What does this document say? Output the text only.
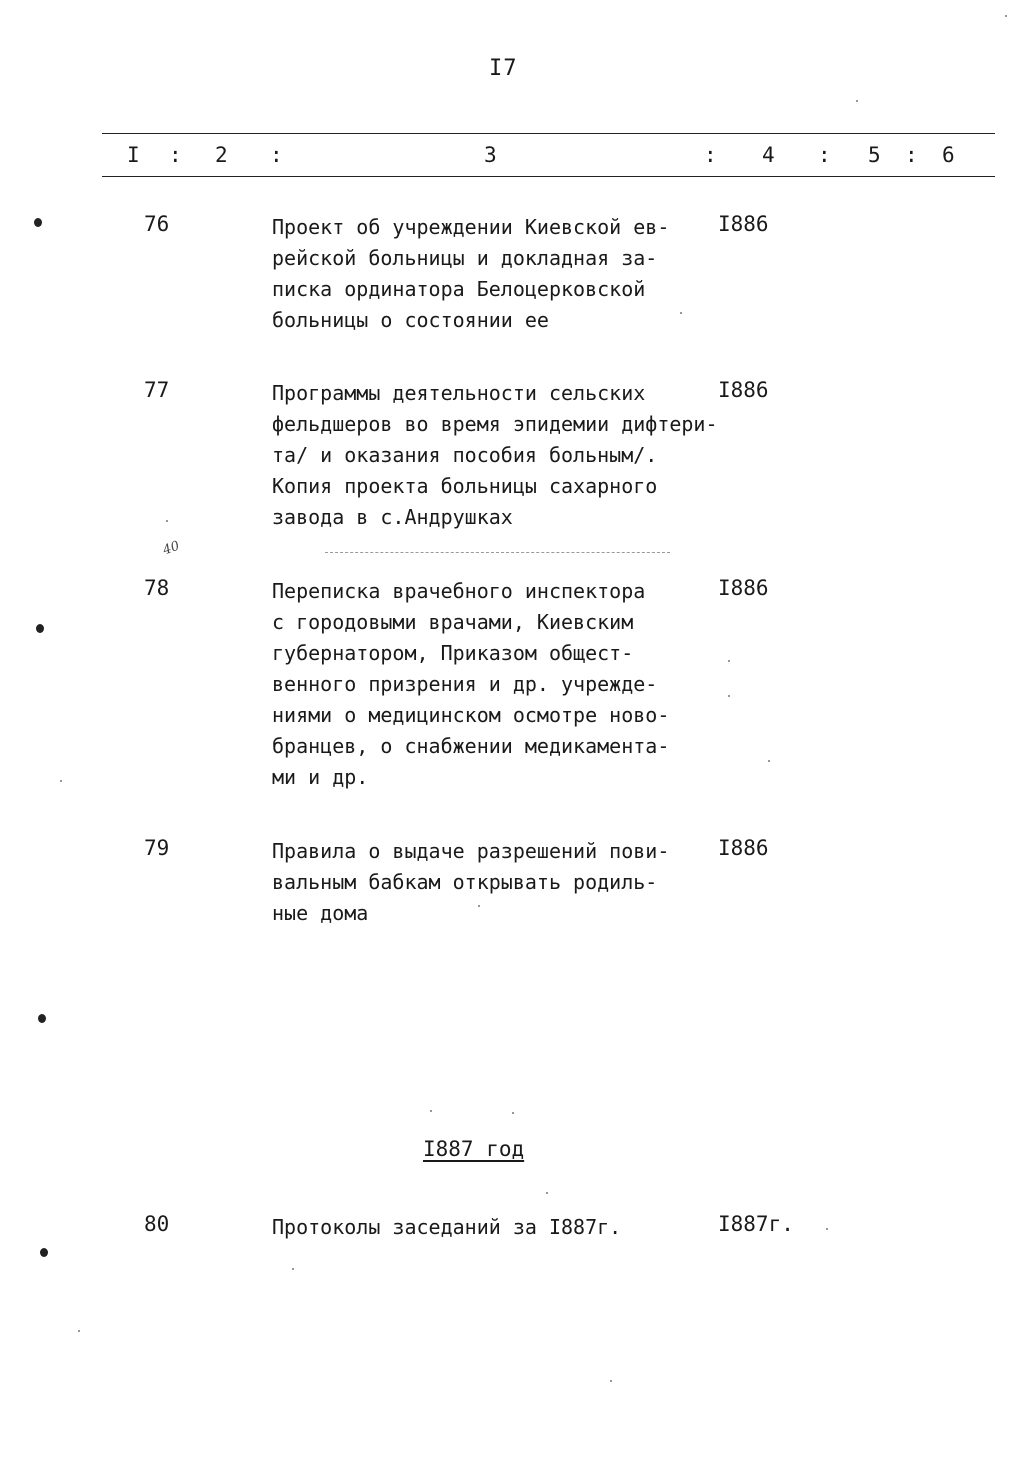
I7
I : 2 :	3	: 4 : 5 : 6
76	Проект об учреждении Киевской ев-
рейской больницы и докладная за-
писка ординатора Белоцерковской
больницы о состоянии ее
I886
77	Программы деятельности сельских
фельдшеров во время эпидемии дифтери-
та/ и оказания пособия больным/.
Копия проекта больницы сахарного
завода в с.Андрушках
I886
40
78	Переписка врачебного инспектора
с городовыми врачами, Киевским
губернатором, Приказом общест-
венного призрения и др. учрежде-
ниями о медицинском осмотре ново-
бранцев, о снабжении медикамента-
ми и др.
I886
79	Правила о выдаче разрешений пови-
вальным бабкам открывать родиль-
ные дома
I886
I887 год
80	Протоколы заседаний за I887г.	I887г.
